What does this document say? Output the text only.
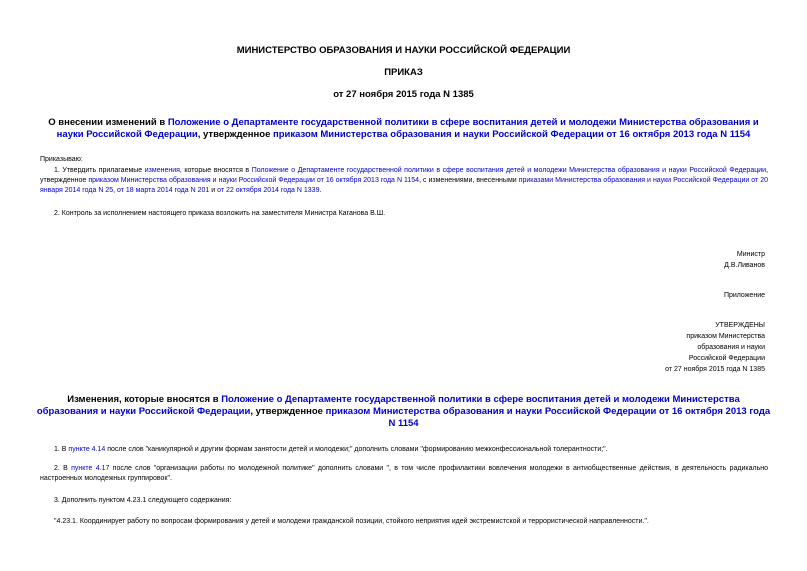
МИНИСТЕРСТВО ОБРАЗОВАНИЯ И НАУКИ РОССИЙСКОЙ ФЕДЕРАЦИИ
ПРИКАЗ
от 27 ноября 2015 года N 1385
О внесении изменений в Положение о Департаменте государственной политики в сфере воспитания детей и молодежи Министерства образования и науки Российской Федерации, утвержденное приказом Министерства образования и науки Российской Федерации от 16 октября 2013 года N 1154
Приказываю:
1. Утвердить прилагаемые изменения, которые вносятся в Положение о Департаменте государственной политики в сфере воспитания детей и молодежи Министерства образования и науки Российской Федерации, утвержденное приказом Министерства образования и науки Российской Федерации от 16 октября 2013 года N 1154, с изменениями, внесенными приказами Министерства образования и науки Российской Федерации от 20 января 2014 года N 25, от 18 марта 2014 года N 201 и от 22 октября 2014 года N 1339.
2. Контроль за исполнением настоящего приказа возложить на заместителя Министра Каганова В.Ш.
Министр
Д.В.Ливанов
Приложение
УТВЕРЖДЕНЫ
приказом Министерства
образования и науки
Российской Федерации
от 27 ноября 2015 года N 1385
Изменения, которые вносятся в Положение о Департаменте государственной политики в сфере воспитания детей и молодежи Министерства образования и науки Российской Федерации, утвержденное приказом Министерства образования и науки Российской Федерации от 16 октября 2013 года N 1154
1. В пункте 4.14 после слов "каникулярной и другим формам занятости детей и молодежи;" дополнить словами "формированию межконфессиональной толерантности;".
2. В пункте 4.17 после слов "организации работы по молодежной политике" дополнить словами ", в том числе профилактики вовлечения молодежи в антиобщественные действия, в деятельность радикально настроенных молодежных группировок".
3. Дополнить пунктом 4.23.1 следующего содержания:
"4.23.1. Координирует работу по вопросам формирования у детей и молодежи гражданской позиции, стойкого неприятия идей экстремистской и террористической направленности.".
